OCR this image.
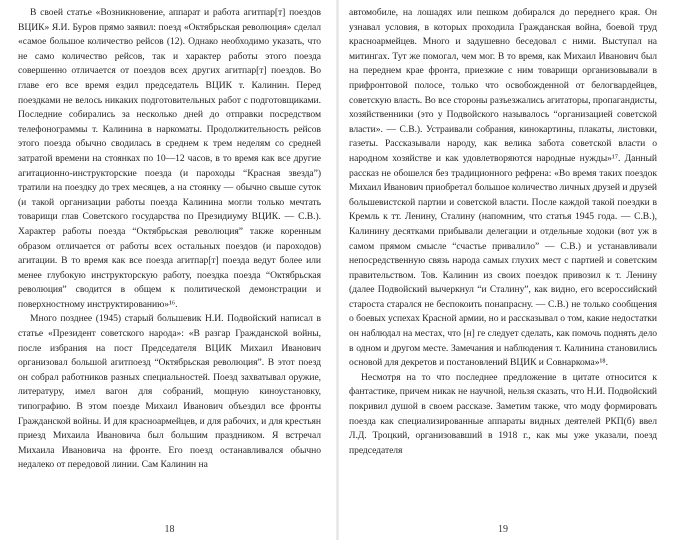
В своей статье «Возникновение, аппарат и работа агитпар[т] поездов ВЦИК» Я.И. Буров прямо заявил: поезд «Октябрьская революция» сделал «самое большое количество рейсов (12). Однако необходимо указать, что не само количество рейсов, так и характер работы этого поезда совершенно отличается от поездов всех других агитпар[т] поездов. Во главе его все время ездил председатель ВЦИК т. Калинин. Перед поездками не велось никаких подготовительных работ с подготовщиками. Последние собирались за несколько дней до отправки посредством телефонограммы т. Калинина в наркоматы. Продолжительность рейсов этого поезда обычно сводилась в среднем к трем неделям со средней затратой времени на стоянках по 10—12 часов, в то время как все другие агитационно-инструкторские поезда (и пароходы “Красная звезда”) тратили на поездку до трех месяцев, а на стоянку — обычно свыше суток (и такой организации работы поезда Калинина могли только мечтать товарищи глав Советского государства по Президиуму ВЦИК. — С.В.). Характер работы поезда “Октябрьская революция” также коренным образом отличается от работы всех остальных поездов (и пароходов) агитации. В то время как все поезда агитпар[т] поезда ведут более или менее глубокую инструкторскую работу, поездка поезда “Октябрьская революция” сводится в общем к политической демонстрации и поверхностному инструктированию»¹⁶.

Много позднее (1945) старый большевик Н.И. Подвойский написал в статье «Президент советского народа»: «В разгар Гражданской войны, после избрания на пост Председателя ВЦИК Михаил Иванович организовал большой агитпоезд “Октябрьская революция”. В этот поезд он собрал работников разных специальностей. Поезд захватывал оружие, литературу, имел вагон для собраний, мощную киноустановку, типографию. В этом поезде Михаил Иванович объездил все фронты Гражданской войны. И для красноармейцев, и для рабочих, и для крестьян приезд Михаила Ивановича был большим праздником. Я встречал Михаила Ивановича на фронте. Его поезд останавливался обычно недалеко от передовой линии. Сам Калинин на

18

автомобиле, на лошадях или пешком добирался до переднего края. Он узнавал условия, в которых проходила Гражданская война, боевой труд красноармейцев. Много и задушевно беседовал с ними. Выступал на митингах. Тут же помогал, чем мог. В то время, как Михаил Иванович был на переднем крае фронта, приезжие с ним товарищи организовывали в прифронтовой полосе, только что освобожденной от белогвардейцев, советскую власть. Во все стороны разъезжались агитаторы, пропагандисты, хозяйственники (это у Подвойского называлось “организацией советской власти». — С.В.). Устраивали собрания, кинокартины, плакаты, листовки, газеты. Рассказывали народу, как велика забота советской власти о народном хозяйстве и как удовлетворяются народные нужды»¹⁷. Данный рассказ не обошелся без традиционного рефрена: «Во время таких поездок Михаил Иванович приобретал большое количество личных друзей и друзей большевистской партии и советской власти. После каждой такой поездки в Кремль к тт. Ленину, Сталину (напомним, что статья 1945 года. — С.В.), Калинину десятками прибывали делегации и отдельные ходоки (вот уж в самом прямом смысле “счастье привалило” — С.В.) и устанавливали непосредственную связь народа самых глухих мест с партией и советским правительством. Тов. Калинин из своих поездок привозил к т. Ленину (далее Подвойский вычеркнул “и Сталину”, как видно, его всероссийский староста старался не беспокоить понапрасну. — С.В.) не только сообщения о боевых успехах Красной армии, но и рассказывал о том, какие недостатки он наблюдал на местах, что [н] ге следует сделать, как помочь поднять дело в одном и другом месте. Замечания и наблюдения т. Калинина становились основой для декретов и постановлений ВЦИК и Совнаркома»¹⁸.

Несмотря на то что последнее предложение в цитате относится к фантастике, причем никак не научной, нельзя сказать, что Н.И. Подвойский покривил душой в своем рассказе. Заметим также, что моду формировать поезда как специализированные аппараты видных деятелей РКП(б) ввел Л.Д. Троцкий, организовавший в 1918 г., как мы уже указали, поезд председателя

19
